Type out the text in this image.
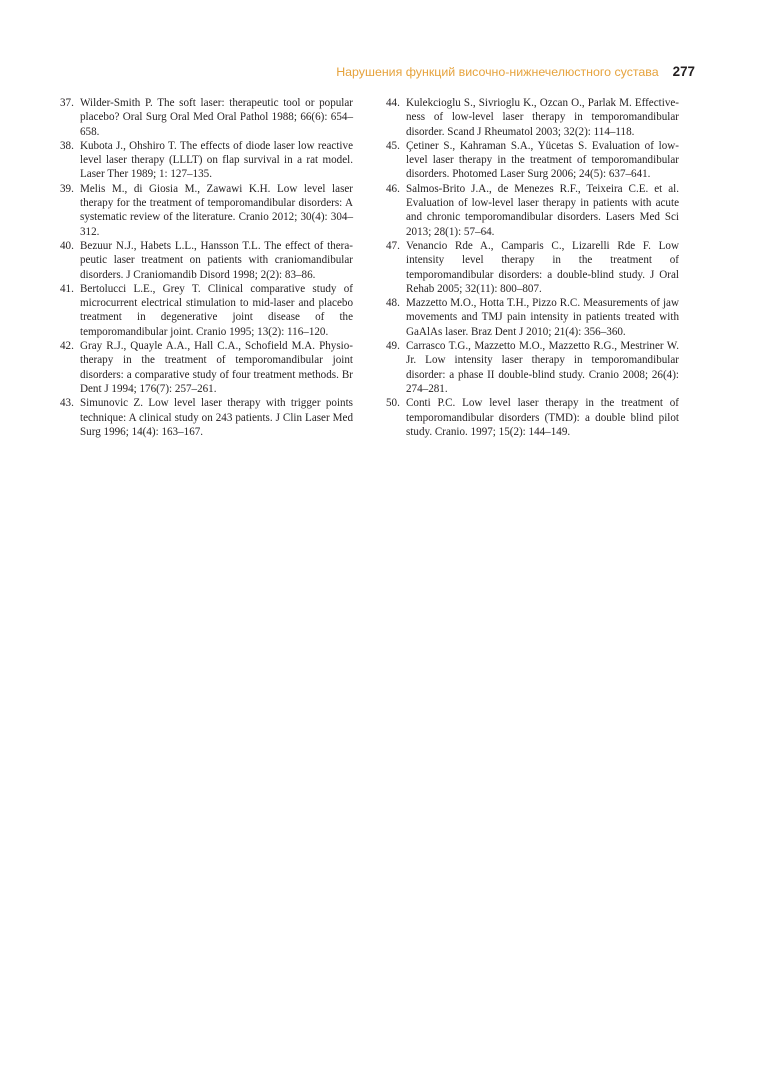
Нарушения функций височно-нижнечелюстного сустава 277
37. Wilder-Smith P. The soft laser: therapeutic tool or popular placebo? Oral Surg Oral Med Oral Pathol 1988; 66(6): 654–658.
38. Kubota J., Ohshiro T. The effects of diode laser low reactive level laser therapy (LLLT) on flap survival in a rat model. Laser Ther 1989; 1: 127–135.
39. Melis M., di Giosia M., Zawawi K.H. Low level laser therapy for the treatment of temporomandibular disorders: A systematic review of the literature. Cranio 2012; 30(4): 304–312.
40. Bezuur N.J., Habets L.L., Hansson T.L. The effect of therapeutic laser treatment on patients with craniomandibular disorders. J Craniomandib Disord 1998; 2(2): 83–86.
41. Bertolucci L.E., Grey T. Clinical comparative study of microcurrent electrical stimulation to mid-laser and placebo treatment in degenerative joint disease of the temporomandibular joint. Cranio 1995; 13(2): 116–120.
42. Gray R.J., Quayle A.A., Hall C.A., Schofield M.A. Physiotherapy in the treatment of temporomandibular joint disorders: a comparative study of four treatment methods. Br Dent J 1994; 176(7): 257–261.
43. Simunovic Z. Low level laser therapy with trigger points technique: A clinical study on 243 patients. J Clin Laser Med Surg 1996; 14(4): 163–167.
44. Kulekcioglu S., Sivrioglu K., Ozcan O., Parlak M. Effectiveness of low-level laser therapy in temporomandibular disorder. Scand J Rheumatol 2003; 32(2): 114–118.
45. Çetiner S., Kahraman S.A., Yücetas S. Evaluation of low-level laser therapy in the treatment of temporomandibular disorders. Photomed Laser Surg 2006; 24(5): 637–641.
46. Salmos-Brito J.A., de Menezes R.F., Teixeira C.E. et al. Evaluation of low-level laser therapy in patients with acute and chronic temporomandibular disorders. Lasers Med Sci 2013; 28(1): 57–64.
47. Venancio Rde A., Camparis C., Lizarelli Rde F. Low intensity level therapy in the treatment of temporomandibular disorders: a double-blind study. J Oral Rehab 2005; 32(11): 800–807.
48. Mazzetto M.O., Hotta T.H., Pizzo R.C. Measurements of jaw movements and TMJ pain intensity in patients treated with GaAlAs laser. Braz Dent J 2010; 21(4): 356–360.
49. Carrasco T.G., Mazzetto M.O., Mazzetto R.G., Mestriner W. Jr. Low intensity laser therapy in temporomandibular disorder: a phase II double-blind study. Cranio 2008; 26(4): 274–281.
50. Conti P.C. Low level laser therapy in the treatment of temporomandibular disorders (TMD): a double blind pilot study. Cranio. 1997; 15(2): 144–149.
